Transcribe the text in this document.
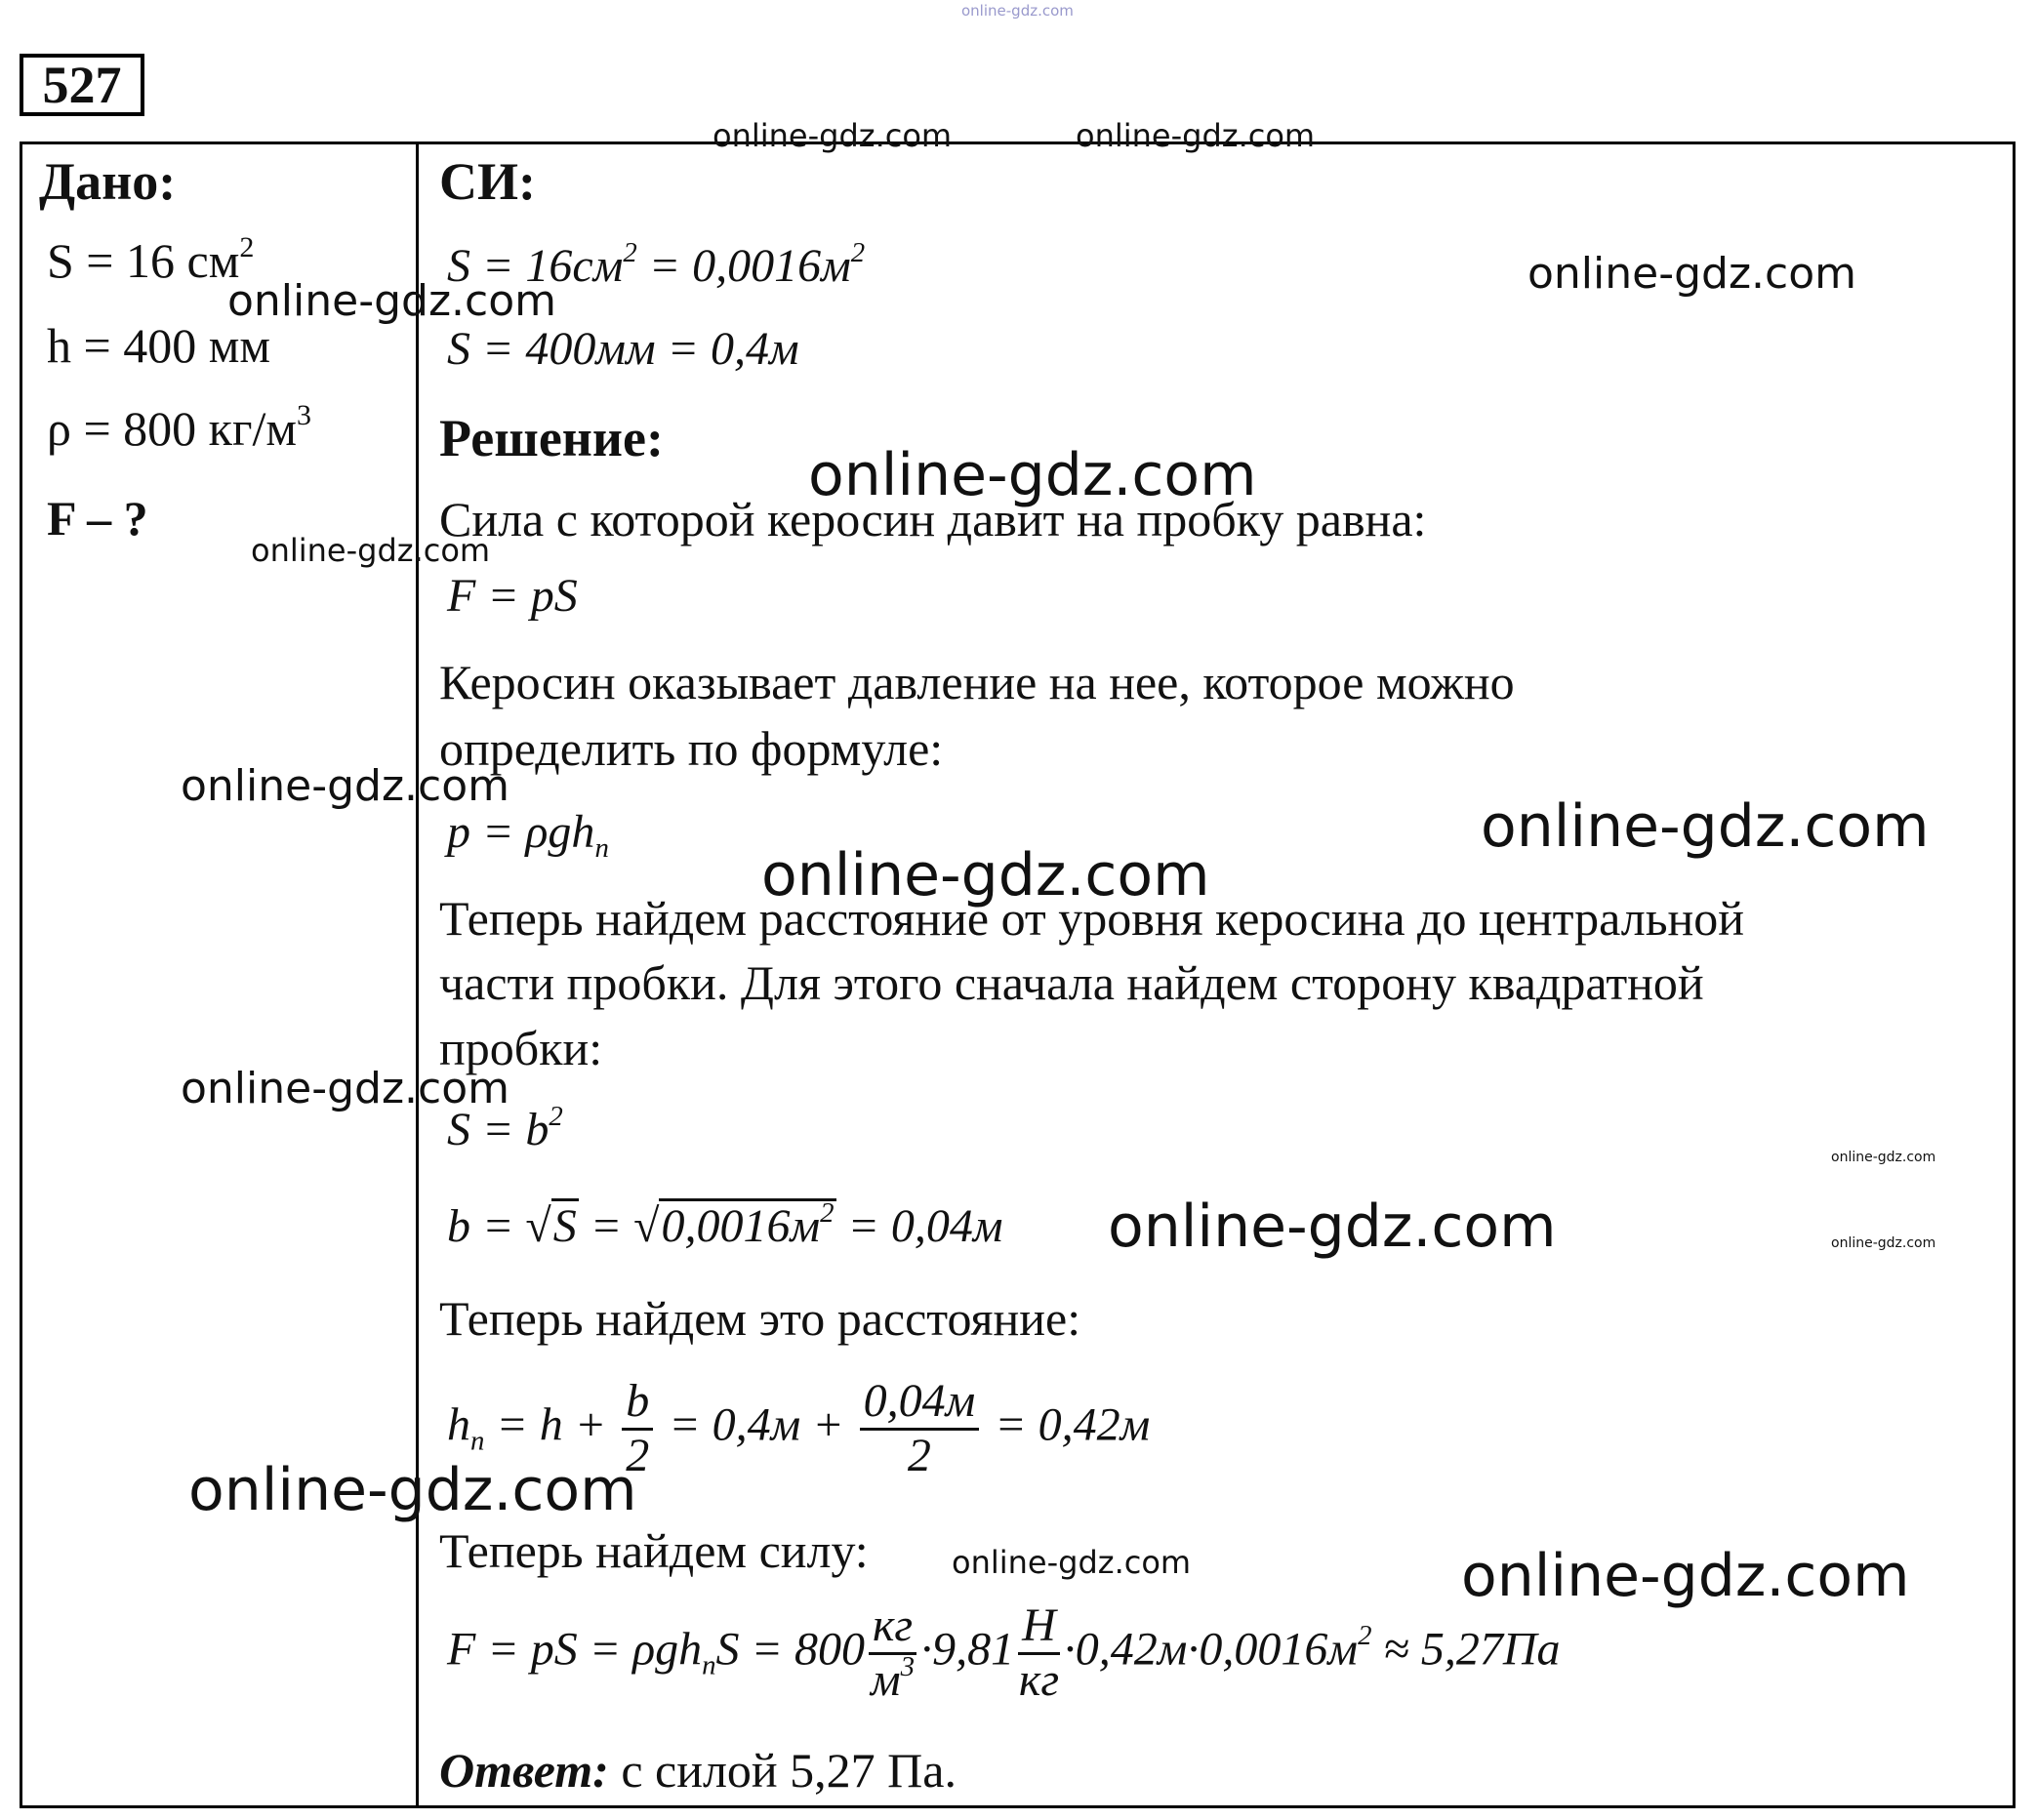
online-gdz.com
527
Дано:
S = 16 $см^2$
h = 400 мм
ρ = 800 $кг/м^3$
F – ?
СИ:
$S = 16см^2 = 0,0016м^2$
S = 400мм = 0,4м
Решение:
Сила с которой керосин давит на пробку равна:
F = pS
Керосин оказывает давление на нее, которое можно
определить по формуле:
p = ρgh$_n$
Теперь найдем расстояние от уровня керосина до центральной
части пробки. Для этого сначала найдем сторону квадратной
пробки:
$S = b^2$
$b = √S = √0,0016м^2 = 0,04м$
Теперь найдем это расстояние:
$h_n = h + \frac{b}{2} = 0,4м + \frac{0,04м}{2} = 0,42м$
Теперь найдем силу:
F = pS = $\rho gh_nS = 800 \frac{кг}{м^3} \cdot 9,81 \frac{Н}{кг} \cdot 0,42м\cdot 0,0016м^2 \approx 5,27Па$
Ответ: с силой 5,27 Па.
online-gdz.com	online-gdz.com
online-gdz.com
online-gdz.com
online-gdz.com
online-gdz.com
online-gdz.com
online-gdz.com
online-gdz.com
online-gdz.com
online-gdz.com
online-gdz.com	online-gdz.com
online-gdz.com
online-gdz.com	online-gdz.com
